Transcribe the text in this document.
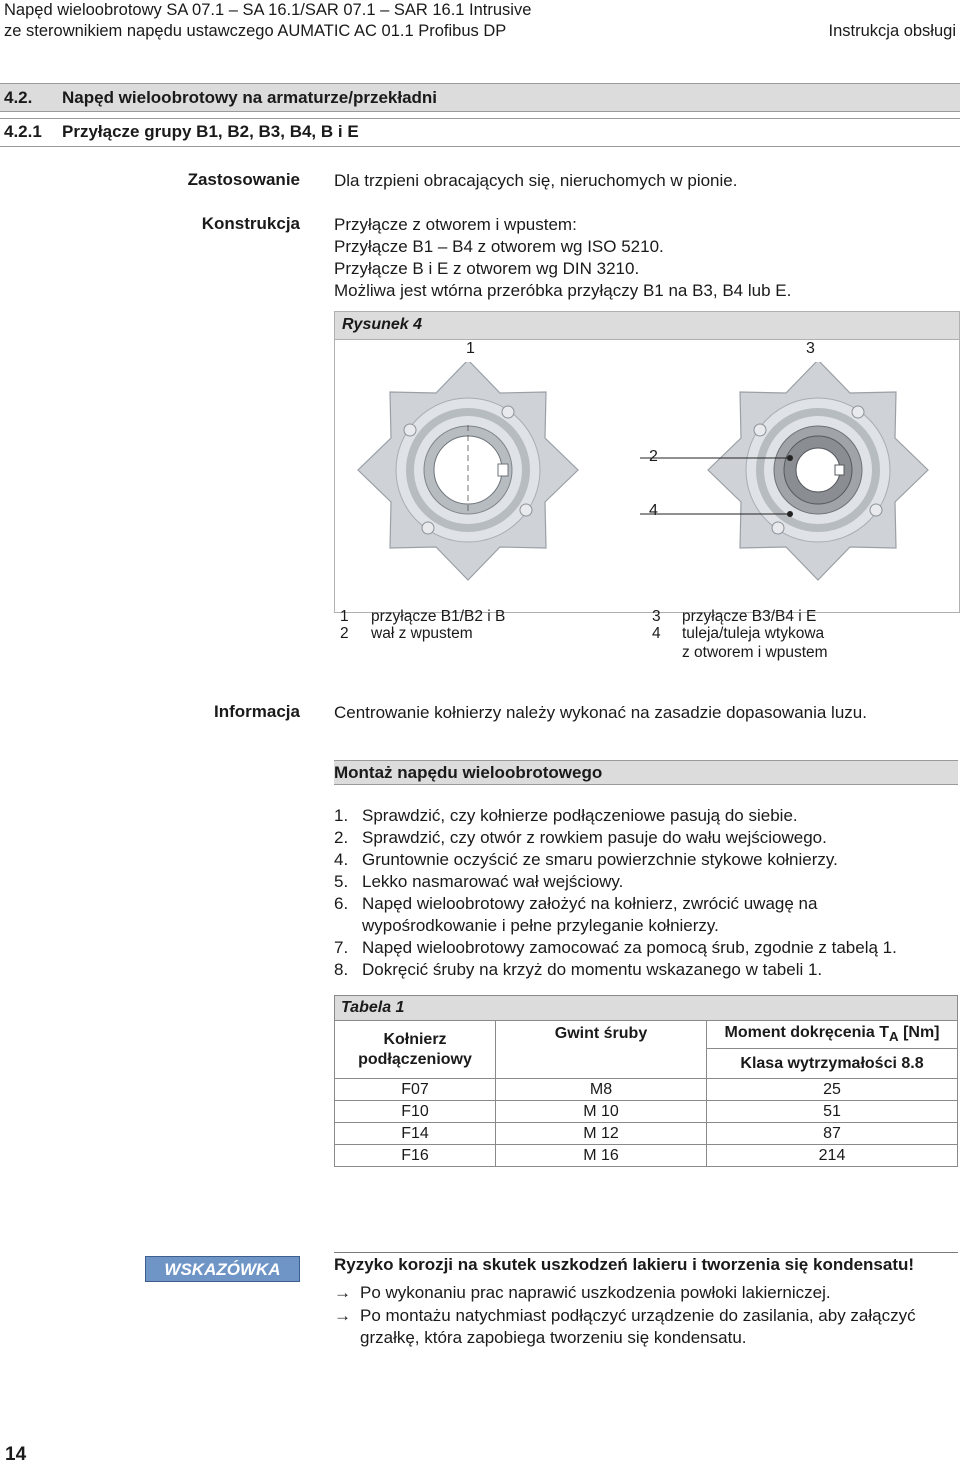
Napęd wieloobrotowy SA 07.1 – SA 16.1/SAR 07.1 – SAR 16.1 Intrusive
ze sterownikiem napędu ustawczego AUMATIC AC 01.1 Profibus DP	Instrukcja obsługi
4.2. Napęd wieloobrotowy na armaturze/przekładni
4.2.1 Przyłącze grupy B1, B2, B3, B4, B i E
Zastosowanie Dla trzpieni obracających się, nieruchomych w pionie.
Konstrukcja Przyłącze z otworem i wpustem:
Przyłącze B1 – B4 z otworem wg ISO 5210.
Przyłącze B i E z otworem wg DIN 3210.
Możliwa jest wtórna przeróbka przyłączy B1 na B3, B4 lub E.
Rysunek 4
1	3
2
4
1 przyłącze B1/B2 i B
2 wał z wpustem
3 przyłącze B3/B4 i E
4 tuleja/tuleja wtykowa
z otworem i wpustem
Informacja Centrowanie kołnierzy należy wykonać na zasadzie dopasowania luzu.
Montaż napędu wieloobrotowego
1. Sprawdzić, czy kołnierze podłączeniowe pasują do siebie.
2. Sprawdzić, czy otwór z rowkiem pasuje do wału wejściowego.
4. Gruntownie oczyścić ze smaru powierzchnie stykowe kołnierzy.
5. Lekko nasmarować wał wejściowy.
6. Napęd wieloobrotowy założyć na kołnierz, zwrócić uwagę na wypośrodkowanie i pełne przyleganie kołnierzy.
7. Napęd wieloobrotowy zamocować za pomocą śrub, zgodnie z tabelą 1.
8. Dokręcić śruby na krzyż do momentu wskazanego w tabeli 1.
Tabela 1
Kołnierz podłączeniowy	Gwint śruby	Moment dokręcenia $T_A$ [Nm]
		Klasa wytrzymałości 8.8
F07	M8	25
F10	M 10	51
F14	M 12	87
F16	M 16	214
WSKAZÓWKA	Ryzyko korozji na skutek uszkodzeń lakieru i tworzenia się kondensatu!
→ Po wykonaniu prac naprawić uszkodzenia powłoki lakierniczej.
→ Po montażu natychmiast podłączyć urządzenie do zasilania, aby załączyć grzałkę, która zapobiega tworzeniu się kondensatu.
14
